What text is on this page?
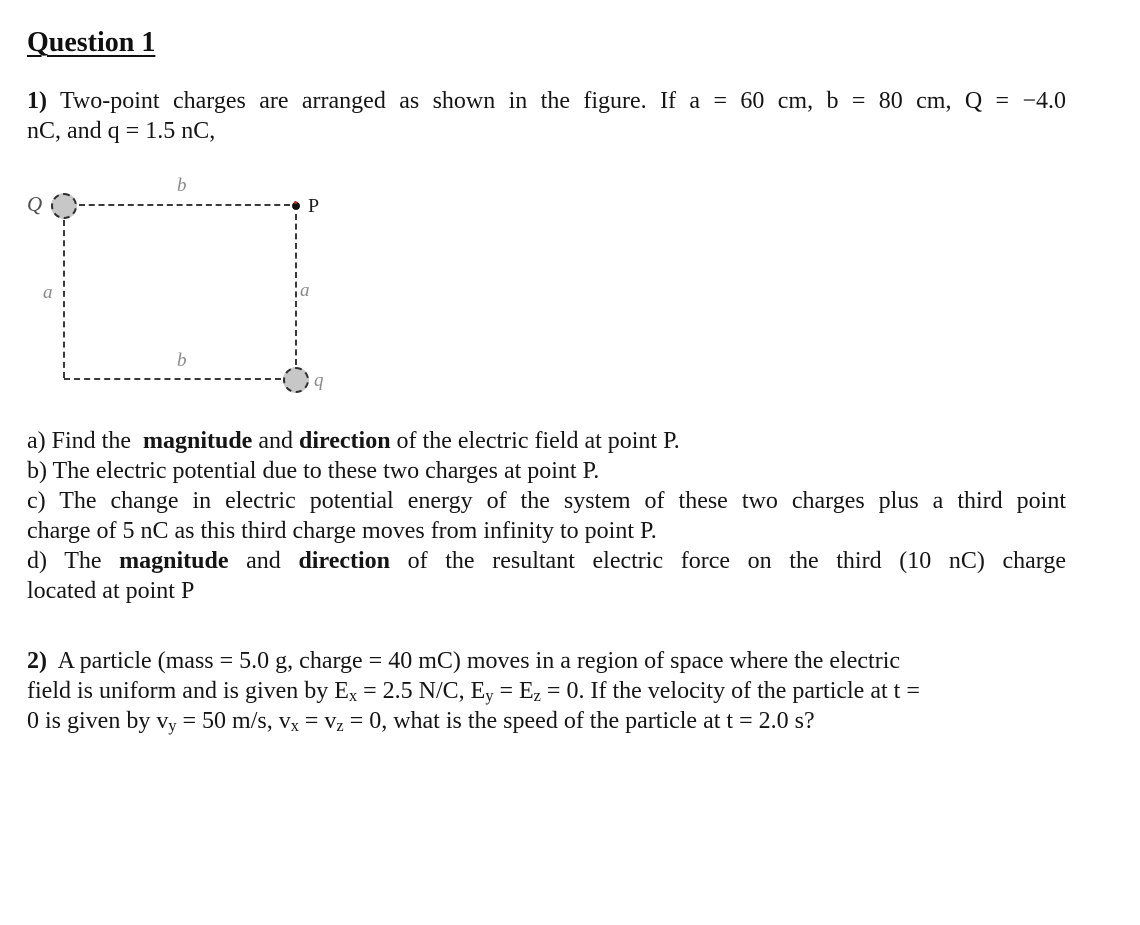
Question 1
1) Two-point charges are arranged as shown in the figure. If a = 60 cm, b = 80 cm, Q = −4.0
nC, and q = 1.5 nC,
b
Q	P
a	a
b
q
a) Find the  magnitude and direction of the electric field at point P.
b) The electric potential due to these two charges at point P.
c) The change in electric potential energy of the system of these two charges plus a third point
charge of 5 nC as this third charge moves from infinity to point P.
d) The magnitude and direction of the resultant electric force on the third (10 nC) charge
located at point P
2)  A particle (mass = 5.0 g, charge = 40 mC) moves in a region of space where the electric
field is uniform and is given by $E_x = 2.5$ N/C, $E_y = E_z = 0$. If the velocity of the particle at t =
0 is given by $v_y = 50$ m/s, $v_x = v_z = 0$, what is the speed of the particle at t = 2.0 s?
